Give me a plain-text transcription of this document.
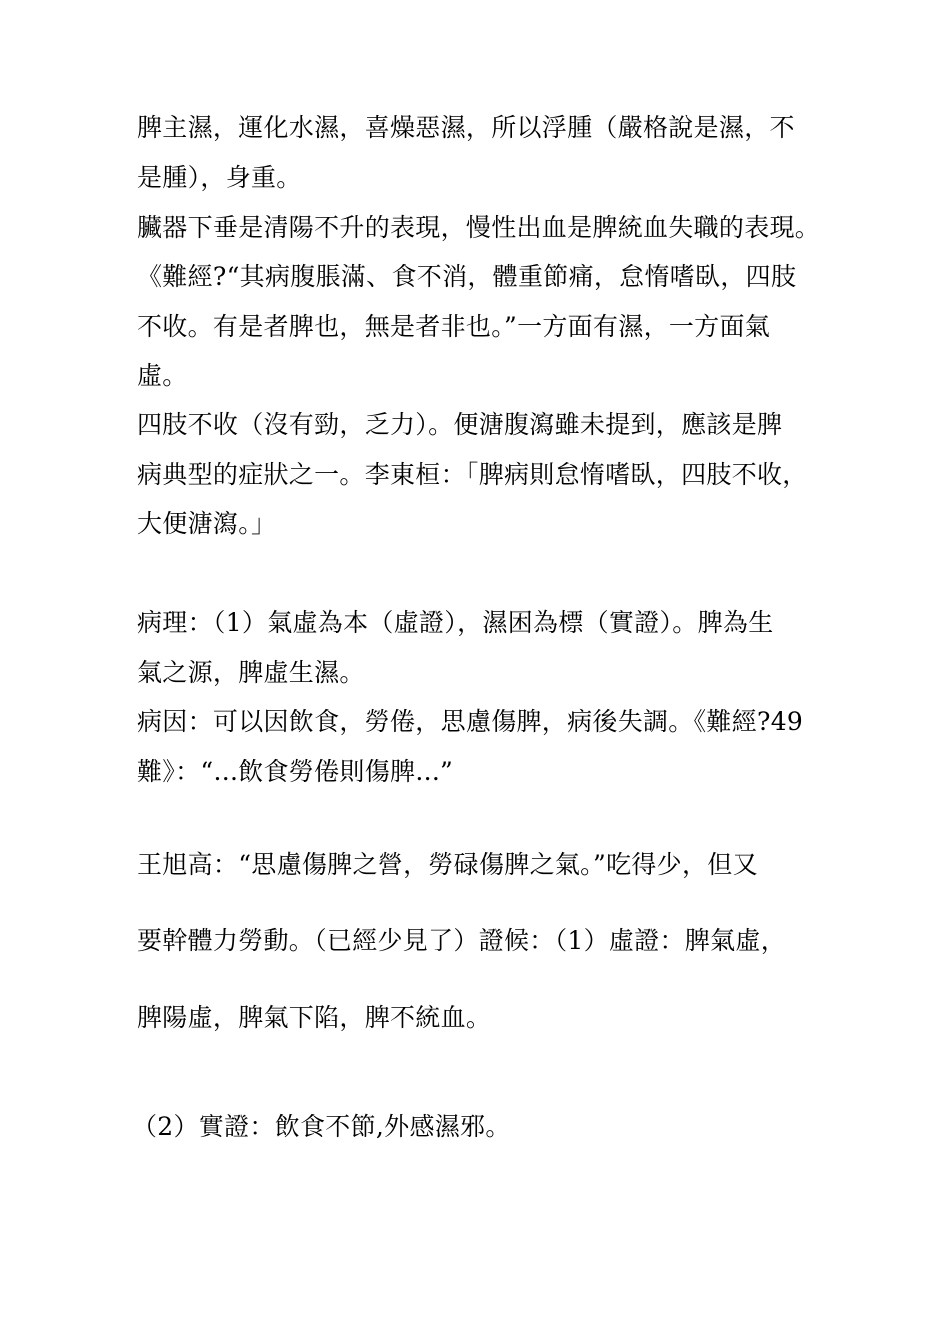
脾主濕，運化水濕，喜燥惡濕，所以浮腫（嚴格說是濕，不
是腫），身重。
臟器下垂是清陽不升的表現，慢性出血是脾統血失職的表現。
《難經?“其病腹脹滿、食不消，體重節痛，怠惰嗜臥，四肢
不收。有是者脾也，無是者非也。”一方面有濕，一方面氣
虛。
四肢不收（沒有勁，乏力）。便溏腹瀉雖未提到，應該是脾
病典型的症狀之一。李東桓：「脾病則怠惰嗜臥，四肢不收，
大便溏瀉。」
病理：（1）氣虛為本（虛證），濕困為標（實證）。脾為生
氣之源，脾虛生濕。
病因：可以因飲食，勞倦，思慮傷脾，病後失調。《難經?49
難》：“...飲食勞倦則傷脾...”
王旭高：“思慮傷脾之營，勞碌傷脾之氣。”吃得少，但又
要幹體力勞動。（已經少見了）證候：（1）虛證：脾氣虛，
脾陽虛，脾氣下陷，脾不統血。
（2）實證：飲食不節,外感濕邪。
